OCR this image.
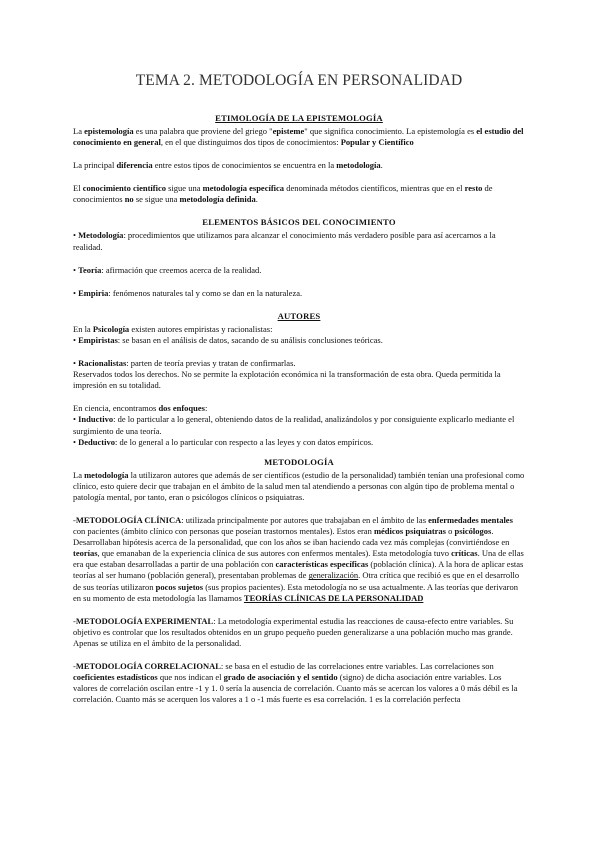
TEMA 2. METODOLOGÍA EN PERSONALIDAD
ETIMOLOGÍA DE LA EPISTEMOLOGÍA

La epistemología es una palabra que proviene del griego "episteme" que significa conocimiento. La epistemología es el estudio del conocimiento en general, en el que distinguimos dos tipos de conocimientos: Popular y Científico

La principal diferencia entre estos tipos de conocimientos se encuentra en la metodología.

El conocimiento científico sigue una metodología específica denominada métodos científicos, mientras que en el resto de conocimientos no se sigue una metodología definida.

ELEMENTOS BÁSICOS DEL CONOCIMIENTO

• Metodología: procedimientos que utilizamos para alcanzar el conocimiento más verdadero posible para así acercarnos a la realidad.

• Teoría: afirmación que creemos acerca de la realidad.

• Empiria: fenómenos naturales tal y como se dan en la naturaleza.

AUTORES

En la Psicología existen autores empiristas y racionalistas:

• Empiristas: se basan en el análisis de datos, sacando de su análisis conclusiones teóricas.

• Racionalistas: parten de teoría previas y tratan de confirmarlas.

Reservados todos los derechos. No se permite la explotación económica ni la transformación de esta obra. Queda permitida la impresión en su totalidad.

En ciencia, encontramos dos enfoques:

• Inductivo: de lo particular a lo general, obteniendo datos de la realidad, analizándolos y por consiguiente explicarlo mediante el surgimiento de una teoría.

• Deductivo: de lo general a lo particular con respecto a las leyes y con datos empíricos.

METODOLOGÍA

La metodología la utilizaron autores que además de ser científicos (estudio de la personalidad) también tenían una profesional como clínico, esto quiere decir que trabajan en el ámbito de la salud men tal atendiendo a personas con algún tipo de problema mental o patología mental, por tanto, eran o psicólogos clínicos o psiquiatras.

-METODOLOGÍA CLÍNICA: utilizada principalmente por autores que trabajaban en el ámbito de las enfermedades mentales con pacientes (ámbito clínico con personas que poseían trastornos mentales). Estos eran médicos psiquiatras o psicólogos. Desarrollaban hipótesis acerca de la personalidad, que con los años se iban haciendo cada vez más complejas (convirtiéndose en teorías, que emanaban de la experiencia clínica de sus autores con enfermos mentales). Esta metodología tuvo críticas. Una de ellas era que estaban desarrolladas a partir de una población con características específicas (población clínica). A la hora de aplicar estas teorías al ser humano (población general), presentaban problemas de generalización. Otra crítica que recibió es que en el desarrollo de sus teorías utilizaron pocos sujetos (sus propios pacientes). Esta metodología no se usa actualmente. A las teorías que derivaron en su momento de esta metodología las llamamos TEORÍAS CLÍNICAS DE LA PERSONALIDAD

-METODOLOGÍA EXPERIMENTAL: La metodología experimental estudia las reacciones de causa-efecto entre variables. Su objetivo es controlar que los resultados obtenidos en un grupo pequeño pueden generalizarse a una población mucho mas grande. Apenas se utiliza en el ámbito de la personalidad.

-METODOLOGÍA CORRELACIONAL: se basa en el estudio de las correlaciones entre variables. Las correlaciones son coeficientes estadísticos que nos indican el grado de asociación y el sentido (signo) de dicha asociación entre variables. Los valores de correlación oscilan entre -1 y 1. 0 sería la ausencia de correlación. Cuanto más se acercan los valores a 0 más débil es la correlación. Cuanto más se acerquen los valores a 1 o -1 más fuerte es esa correlación. 1 es la correlación perfecta
